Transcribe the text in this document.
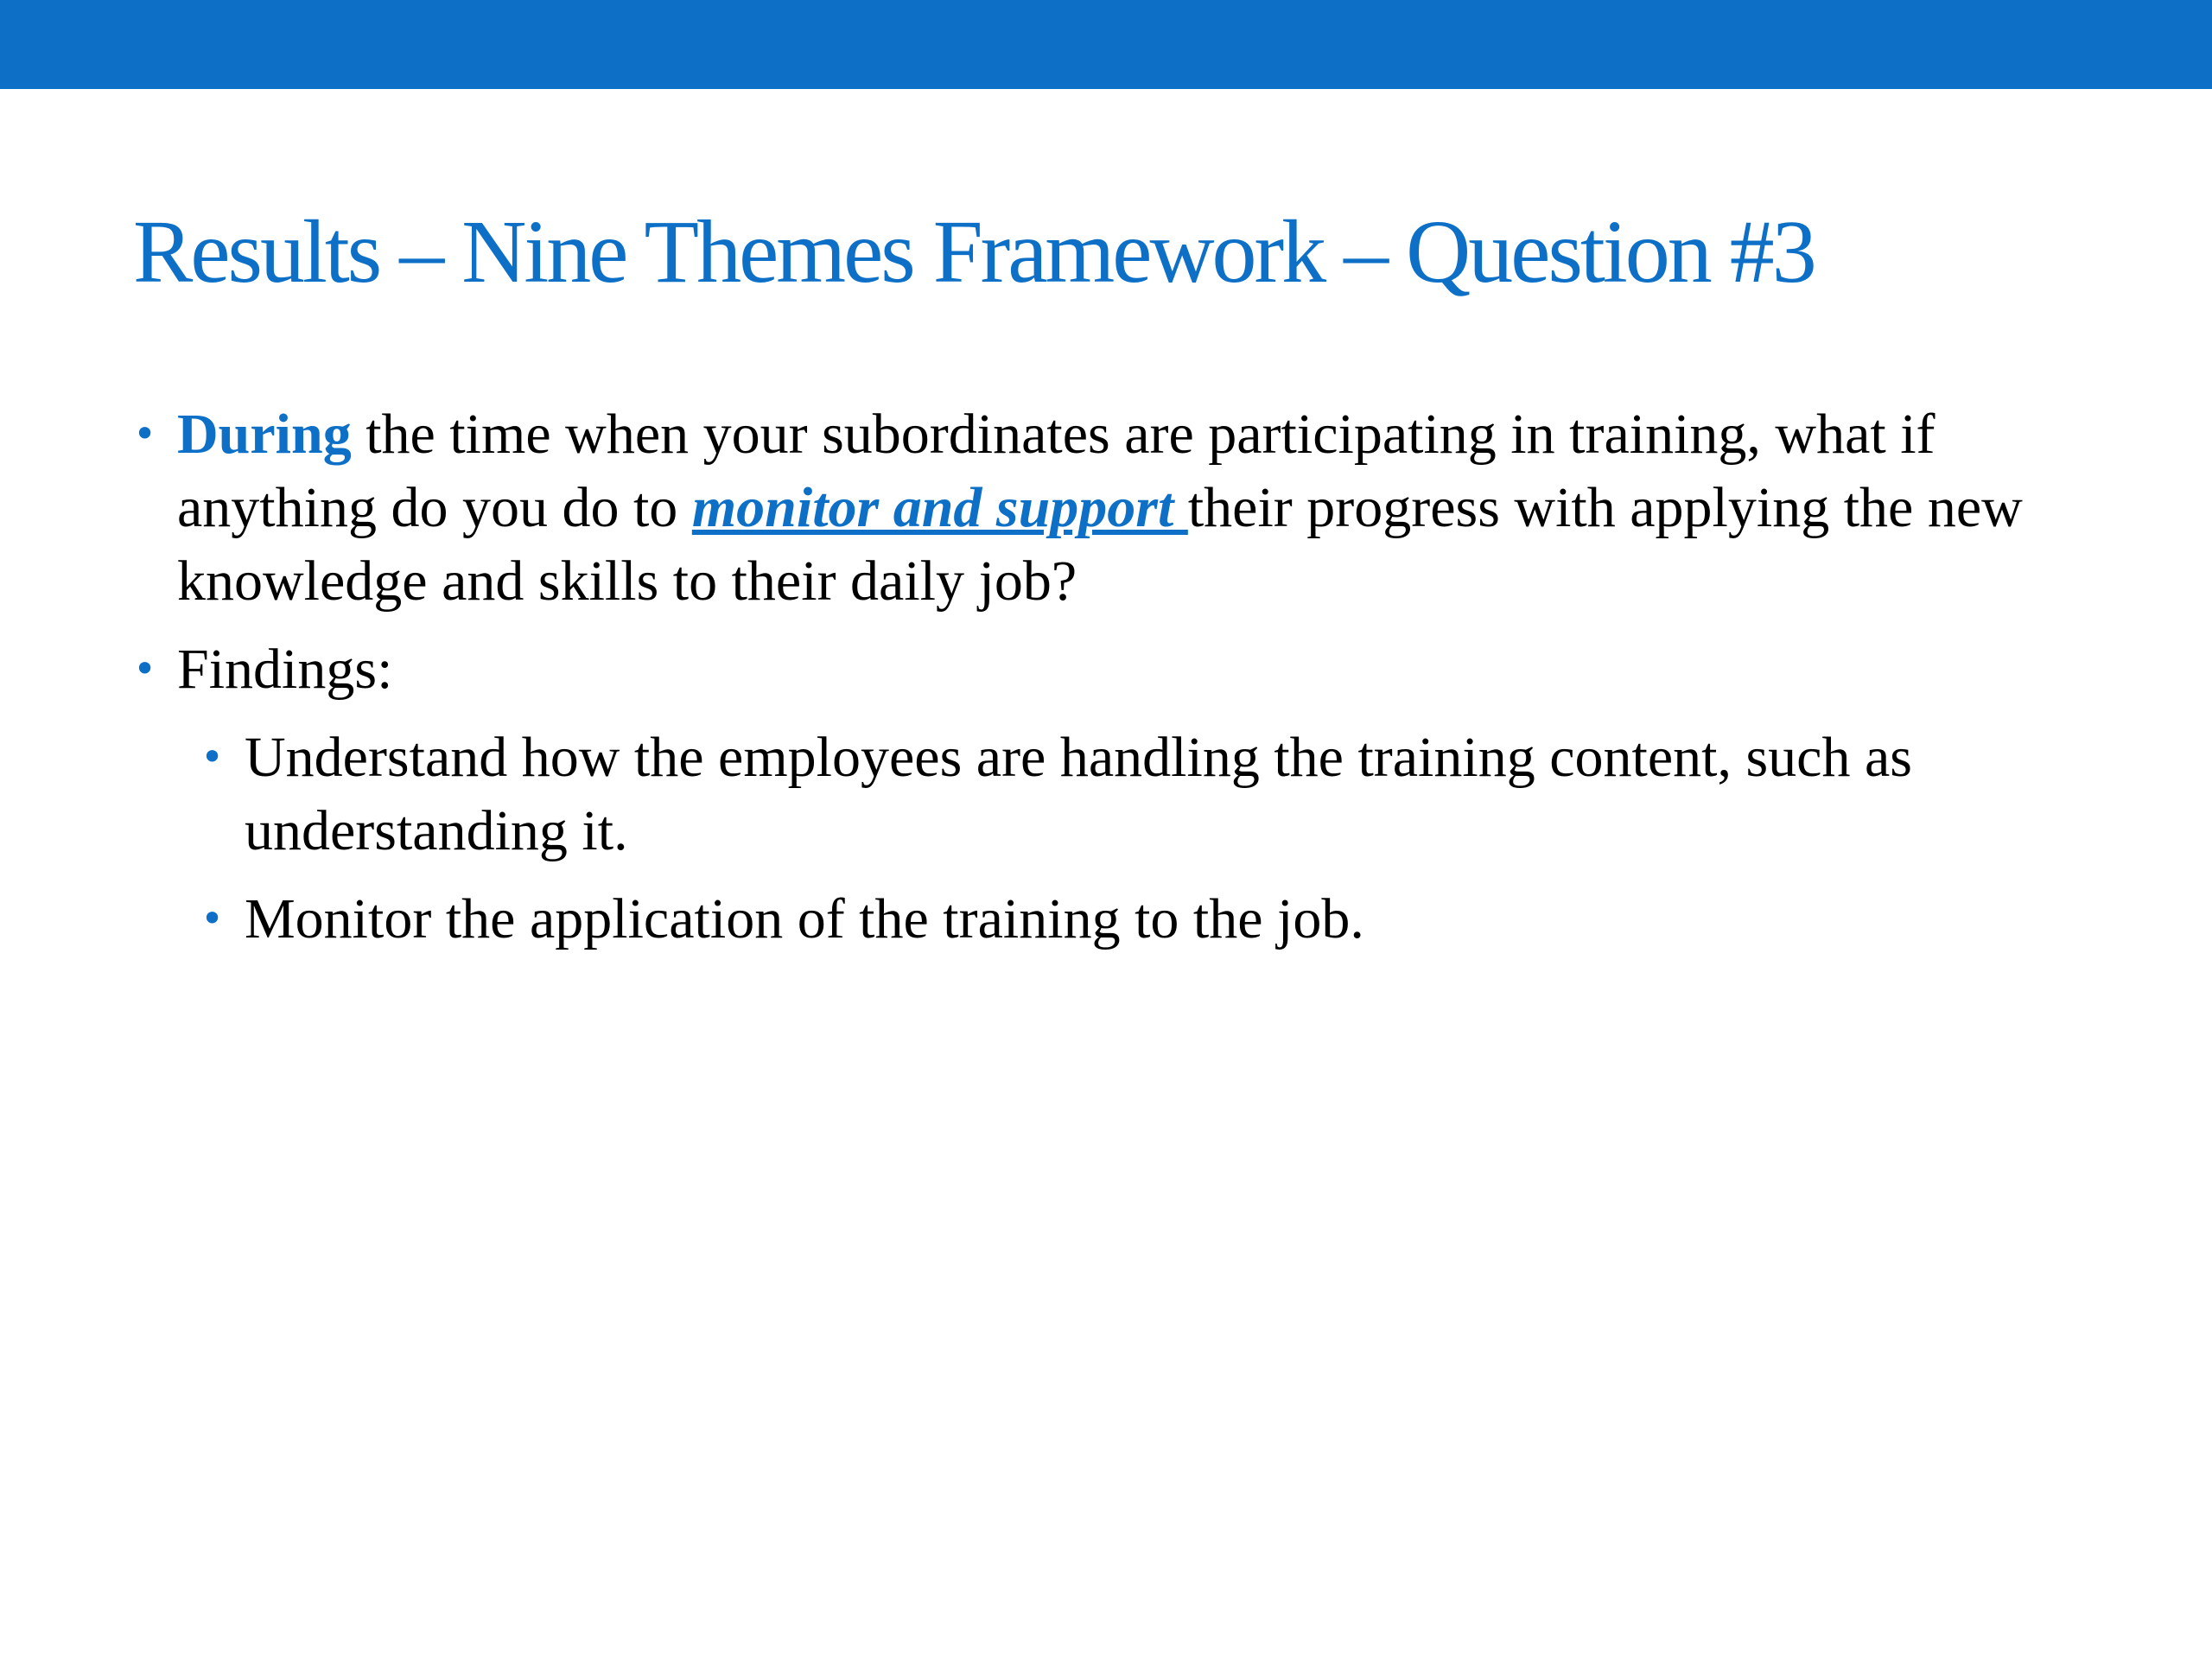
Results – Nine Themes Framework – Question #3
• During the time when your subordinates are participating in training, what if anything do you do to monitor and support their progress with applying the new knowledge and skills to their daily job?
• Findings:
• Understand how the employees are handling the training content, such as understanding it.
• Monitor the application of the training to the job.
